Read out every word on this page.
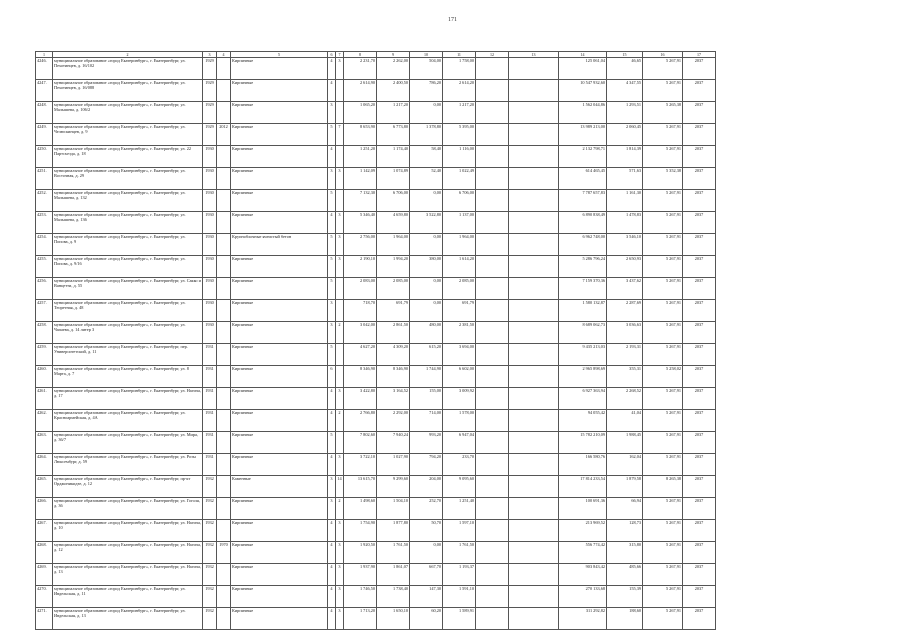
171
1	2	3	4	5	6	7	8	9	10	11	12	13	14	15	16	17
4246.	муниципальное образование «город Екатеринбург», г. Екатеринбург, ул. Пехотинцев, д. 16/102	1929		Кирпичные	4	3	2 231,70	2 262,00	504,00	1 758,00			125 061,04	46,65	5 267,91	2037
4247.	муниципальное образование «город Екатеринбург», г. Екатеринбург, ул. Пехотинцев, д. 16/088	1929		Кирпичные	4		2 614,90	2 400,50	786,20	2 614,20			10 547 932,60	4 347,55	5 267,91	2037
4248.	муниципальное образование «город Екатеринбург», г. Екатеринбург, ул. Малышева, д. 106/2	1929		Кирпичные	3		1 065,20	1 217,20	0,00	1 217,20			1 562 044,86	1 293,51	5 265,38	2037
4249.	муниципальное образование «город Екатеринбург», г. Екатеринбург, ул. Челюскинцев, д. 9	1929	2012	Кирпичные	5	7	8 653,90	6 773,80	1 378,80	5 395,00			13 989 213,00	2 060,45	5 267,91	2037
4250.	муниципальное образование «город Екатеринбург», г. Екатеринбург, ул. 22 Партсъезда, д. 18	1930		Кирпичные	4		1 251,20	1 174,40	58,40	1 116,00			2 132 798,71	1 814,39	5 267,91	2037
4251.	муниципальное образование «город Екатеринбург», г. Екатеринбург, ул. Восточная, д. 29	1930		Кирпичные	3	3	1 142,09	1 074,89	52,40	1 022,49			614 465,45	571,63	5 352,38	2037
4252.	муниципальное образование «город Екатеринбург», г. Екатеринбург, ул. Малышева, д. 132	1930		Кирпичные	5		7 132,30	6 706,00	0,00	6 706,00			7 787 657,83	1 161,30	5 267,91	2037
4253.	муниципальное образование «город Екатеринбург», г. Екатеринбург, ул. Малышева, д. 136	1930		Кирпичные	4	3	5 346,40	4 659,80	3 522,80	1 137,00			6 890 838,49	1 478,83	5 267,91	2037
4254.	муниципальное образование «город Екатеринбург», г. Екатеринбург, ул. Попова, д. 9	1930		Крупноблочные ячеистый бетон	5	3	2 756,00	1 964,00	0,00	1 964,00			6 962 748,00	3 546,10	5 267,91	2037
4255.	муниципальное образование «город Екатеринбург», г. Екатеринбург, ул. Попова, д. 9/16	1930		Кирпичные	5	3	2 190,10	1 994,20	380,00	1 614,20			5 286 796,24	2 650,93	5 267,91	2037
4256.	муниципальное образование «город Екатеринбург», г. Екатеринбург, ул. Сакко и Ванцетти, д. 55	1930		Кирпичные	5		2 083,00	2 085,00	0,00	2 085,00			7 159 370,36	3 437,62	5 267,91	2037
4257.	муниципальное образование «город Екатеринбург», г. Екатеринбург, ул. Теоретная, д. 48	1930		Кирпичные	3		718,70	691,79	0,00	691,79			1 580 132,87	2 287,69	5 267,91	2037
4258.	муниципальное образование «город Екатеринбург», г. Екатеринбург, ул. Чапаева, д. 14 литер 3	1930		Кирпичные	3	2	3 042,00	2 861,50	480,00	2 381,50			8 689 062,73	3 036,63	5 267,91	2037
4259.	муниципальное образование «город Екатеринбург», г. Екатеринбург, пер. Университетский, д. 11	1931		Кирпичные	5		4 627,20	4 309,20	615,20	3 694,00			9 435 213,03	2 193,31	5 267,91	2037
4260.	муниципальное образование «город Екатеринбург», г. Екатеринбург, ул. 8 Марта, д. 7	1931		Кирпичные	6		8 346,90	8 346,90	1 744,90	6 602,00			2 965 898,69	355,31	5 258,02	2037
4261.	муниципальное образование «город Екатеринбург», г. Екатеринбург, ул. Нагича, д. 17	1931		Кирпичные	4	3	3 422,80	3 164,52	155,00	3 009,92			6 927 363,94	2 268,52	5 267,91	2037
4262.	муниципальное образование «город Екатеринбург», г. Екатеринбург, ул. Красноармейская, д. 4А	1931		Кирпичные	4	2	2 766,80	2 292,00	714,00	1 578,00			94 055,42	41,04	5 267,91	2037
4263.	муниципальное образование «город Екатеринбург», г. Екатеринбург, ул. Мира, д. 36/7	1931		Кирпичные	5		7 802,60	7 940,24	993,20	6 947,04			15 782 210,09	1 988,45	5 267,91	2037
4264.	муниципальное образование «город Екатеринбург», г. Екатеринбург, ул. Розы Люксембург, д. 59	1931		Кирпичные	4	3	3 722,10	1 027,90	794,20	233,70			166 580,76	162,04	5 267,91	2037
4265.	муниципальное образование «город Екатеринбург», г. Екатеринбург, пр-кт Орджоникидзе, д. 12	1932		Каменные	3	14	13 615,70	9 299,60	204,00	9 095,60			17 814 233,54	1 879,58	8 265,38	2037
4266.	муниципальное образование «город Екатеринбург», г. Екатеринбург, ул. Гоголя, д. 36	1932		Кирпичные	3	2	1 498,60	1 504,10	252,70	1 251,40			100 691,36	66,94	5 267,91	2037
4267.	муниципальное образование «город Екатеринбург», г. Екатеринбург, ул. Нагича, д. 10	1932		Кирпичные	4	3	1 754,90	1 877,80	50,70	1 597,10			213 969,52	128,73	5 267,91	2037
4268.	муниципальное образование «город Екатеринбург», г. Екатеринбург, ул. Нагича, д. 12	1932	1970	Кирпичные	4	3	1 920,50	1 761,50	0,00	1 761,50			556 774,42	315,80	5 267,91	2037
4269.	муниципальное образование «город Екатеринбург», г. Екатеринбург, ул. Нагича, д. 13	1932		Кирпичные	4	3	1 937,90	1 861,07	667,70	1 193,37			903 843,42	485,66	5 267,91	2037
4270.	муниципальное образование «город Екатеринбург», г. Екатеринбург, ул. Ивдельская, д. 11	1932		Кирпичные	4	3	1 746,50	1 738,40	147,30	1 591,10			270 133,68	155,39	5 267,91	2037
4271.	муниципальное образование «город Екатеринбург», г. Екатеринбург, ул. Ивдельская, д. 13	1932		Кирпичные	4	3	1 713,20	1 650,10	60,20	1 589,91			311 292,82	188,60	5 267,91	2037
